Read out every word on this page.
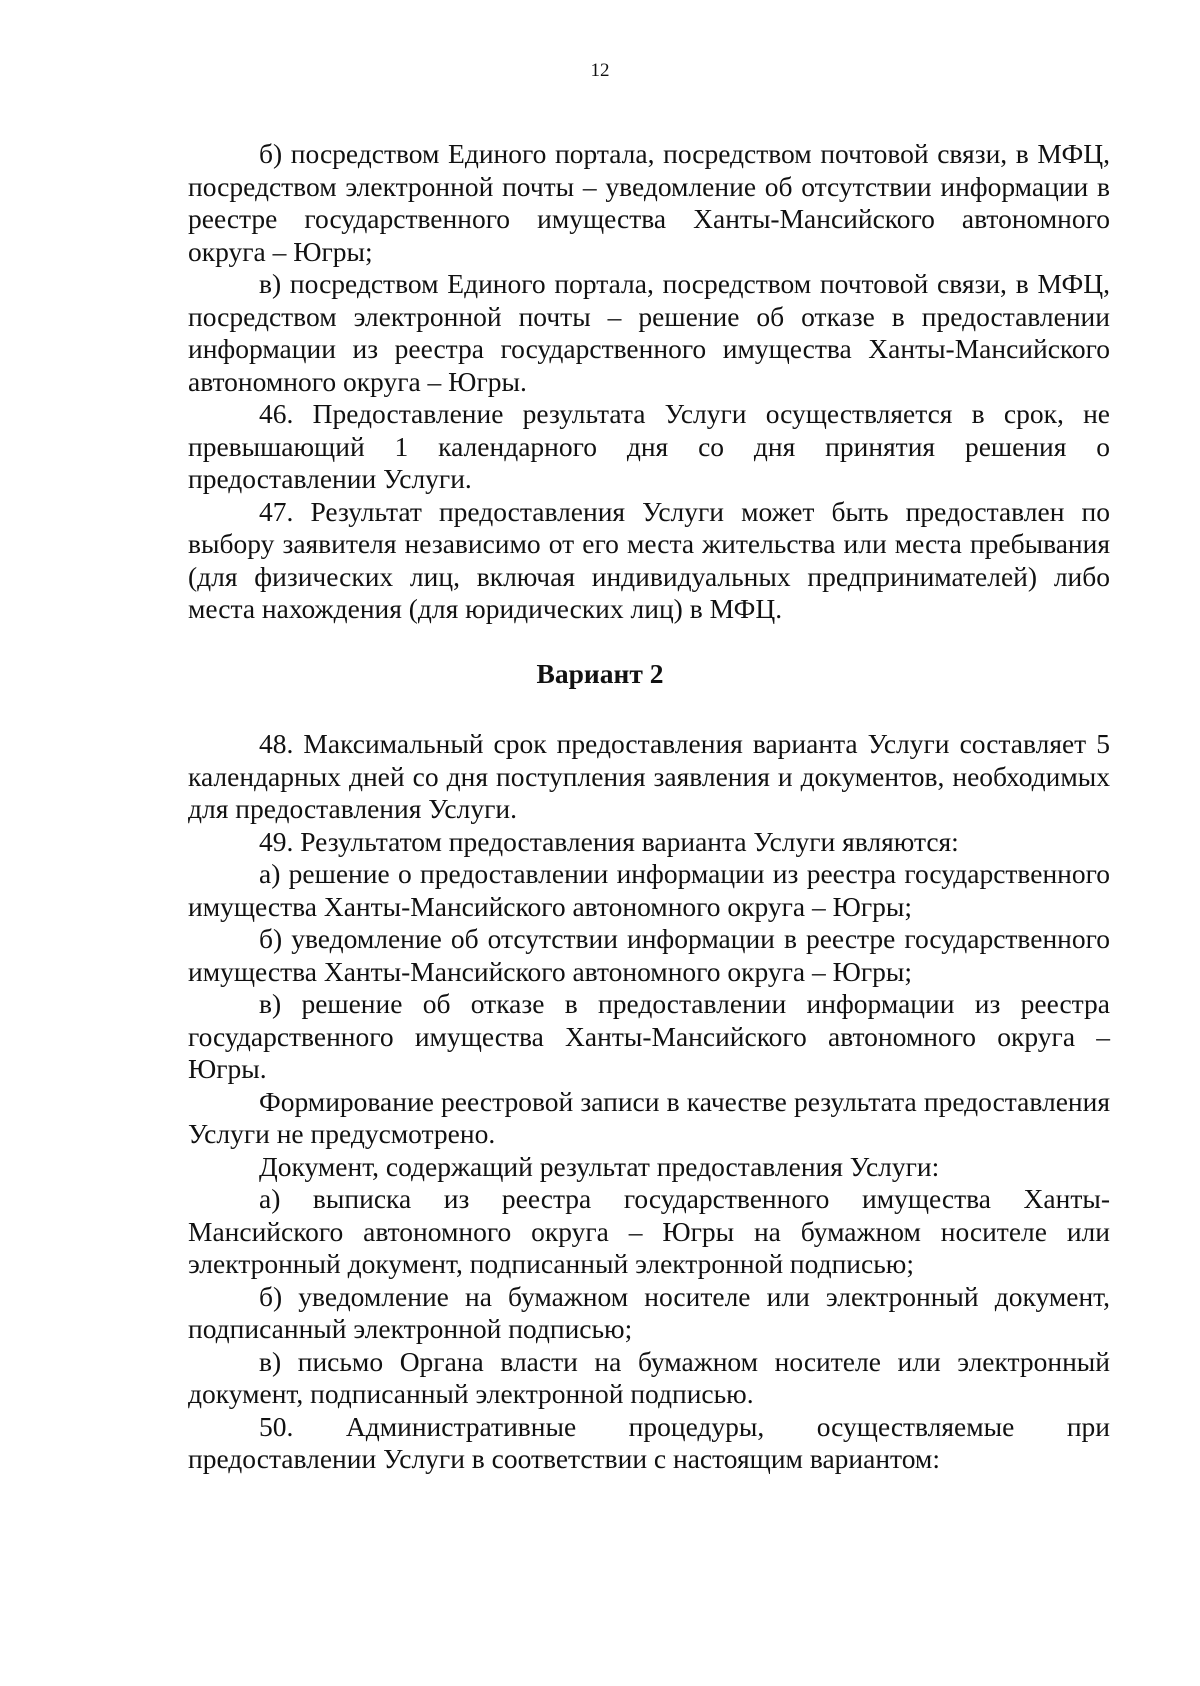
12

б) посредством Единого портала, посредством почтовой связи, в МФЦ, посредством электронной почты – уведомление об отсутствии информации в реестре государственного имущества Ханты-Мансийского автономного округа – Югры;

в) посредством Единого портала, посредством почтовой связи, в МФЦ, посредством электронной почты – решение об отказе в предоставлении информации из реестра государственного имущества Ханты-Мансийского автономного округа – Югры.

46. Предоставление результата Услуги осуществляется в срок, не превышающий 1 календарного дня со дня принятия решения о предоставлении Услуги.

47. Результат предоставления Услуги может быть предоставлен по выбору заявителя независимо от его места жительства или места пребывания (для физических лиц, включая индивидуальных предпринимателей) либо места нахождения (для юридических лиц) в МФЦ.

Вариант 2

48. Максимальный срок предоставления варианта Услуги составляет 5 календарных дней со дня поступления заявления и документов, необходимых для предоставления Услуги.

49. Результатом предоставления варианта Услуги являются:

а) решение о предоставлении информации из реестра государственного имущества Ханты-Мансийского автономного округа – Югры;

б) уведомление об отсутствии информации в реестре государственного имущества Ханты-Мансийского автономного округа – Югры;

в) решение об отказе в предоставлении информации из реестра государственного имущества Ханты-Мансийского автономного округа – Югры.

Формирование реестровой записи в качестве результата предоставления Услуги не предусмотрено.

Документ, содержащий результат предоставления Услуги:

а) выписка из реестра государственного имущества Ханты-Мансийского автономного округа – Югры на бумажном носителе или электронный документ, подписанный электронной подписью;

б) уведомление на бумажном носителе или электронный документ, подписанный электронной подписью;

в) письмо Органа власти на бумажном носителе или электронный документ, подписанный электронной подписью.

50. Административные процедуры, осуществляемые при предоставлении Услуги в соответствии с настоящим вариантом:
